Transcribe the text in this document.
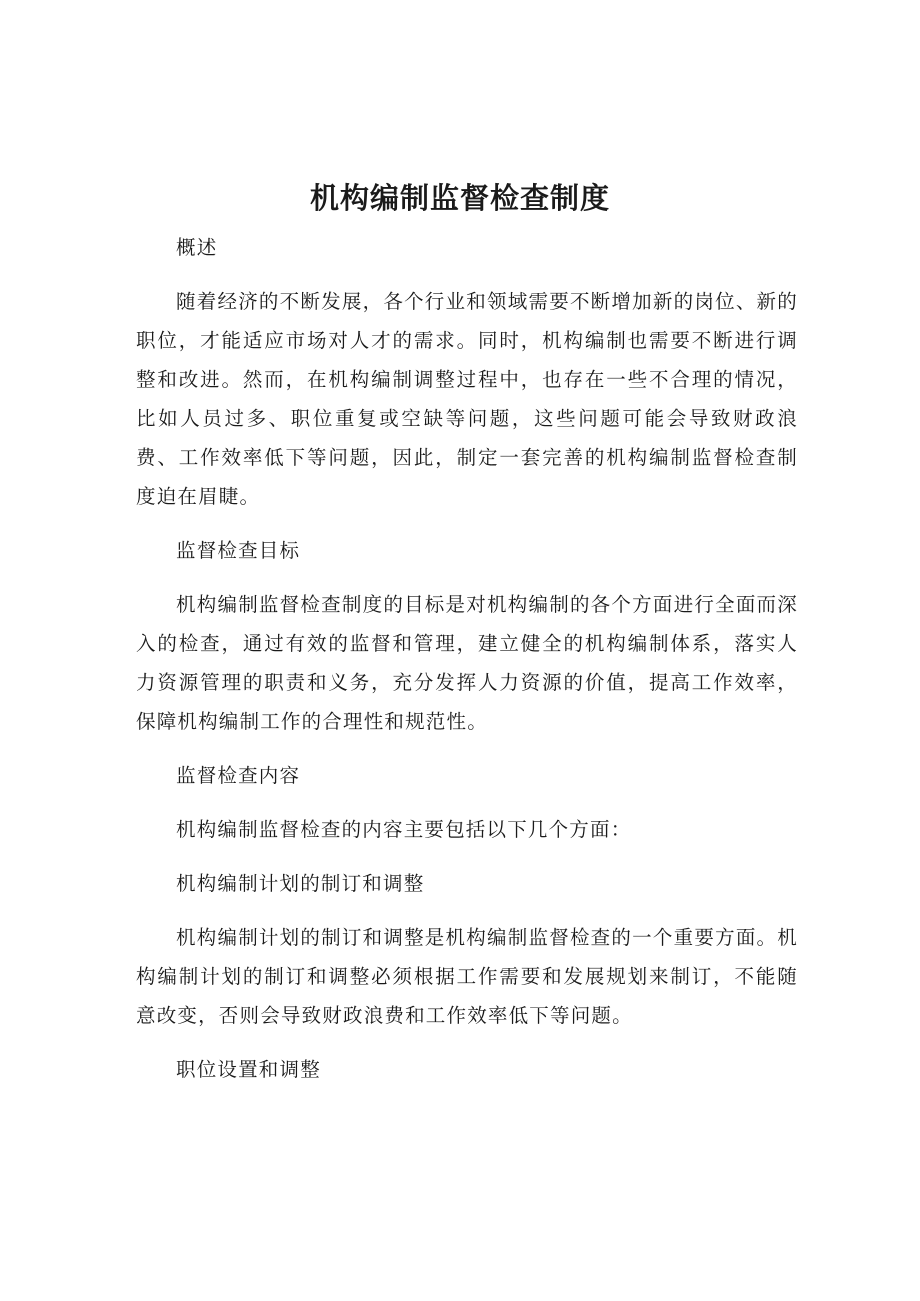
机构编制监督检查制度

概述

随着经济的不断发展，各个行业和领域需要不断增加新的岗位、新的职位，才能适应市场对人才的需求。同时，机构编制也需要不断进行调整和改进。然而，在机构编制调整过程中，也存在一些不合理的情况，比如人员过多、职位重复或空缺等问题，这些问题可能会导致财政浪费、工作效率低下等问题，因此，制定一套完善的机构编制监督检查制度迫在眉睫。

监督检查目标

机构编制监督检查制度的目标是对机构编制的各个方面进行全面而深入的检查，通过有效的监督和管理，建立健全的机构编制体系，落实人力资源管理的职责和义务，充分发挥人力资源的价值，提高工作效率，保障机构编制工作的合理性和规范性。

监督检查内容

机构编制监督检查的内容主要包括以下几个方面：

机构编制计划的制订和调整

机构编制计划的制订和调整是机构编制监督检查的一个重要方面。机构编制计划的制订和调整必须根据工作需要和发展规划来制订，不能随意改变，否则会导致财政浪费和工作效率低下等问题。

职位设置和调整
